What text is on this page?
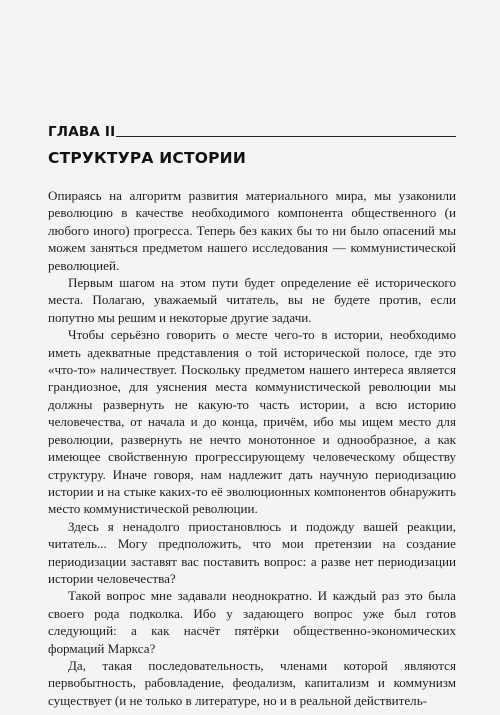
ГЛАВА II
СТРУКТУРА ИСТОРИИ

Опираясь на алгоритм развития материального мира, мы узаконили революцию в качестве необходимого компонента общественного (и любого иного) прогресса. Теперь без каких бы то ни было опасений мы можем заняться предметом нашего исследования — коммунистической революцией.

Первым шагом на этом пути будет определение её исторического места. Полагаю, уважаемый читатель, вы не будете против, если попутно мы решим и некоторые другие задачи.

Чтобы серьёзно говорить о месте чего-то в истории, необходимо иметь адекватные представления о той исторической полосе, где это «что-то» наличествует. Поскольку предметом нашего интереса является грандиозное, для уяснения места коммунистической революции мы должны развернуть не какую-то часть истории, а всю историю человечества, от начала и до конца, причём, ибо мы ищем место для революции, развернуть не нечто монотонное и однообразное, а как имеющее свойственную прогрессирующему человеческому обществу структуру. Иначе говоря, нам надлежит дать научную периодизацию истории и на стыке каких-то её эволюционных компонентов обнаружить место коммунистической революции.

Здесь я ненадолго приостановлюсь и подожду вашей реакции, читатель... Могу предположить, что мои претензии на создание периодизации заставят вас поставить вопрос: а разве нет периодизации истории человечества?

Такой вопрос мне задавали неоднократно. И каждый раз это была своего рода подколка. Ибо у задающего вопрос уже был готов следующий: а как насчёт пятёрки общественно-экономических формаций Маркса?

Да, такая последовательность, членами которой являются первобытность, рабовладение, феодализм, капитализм и коммунизм существует (и не только в литературе, но и в реальной действитель-
